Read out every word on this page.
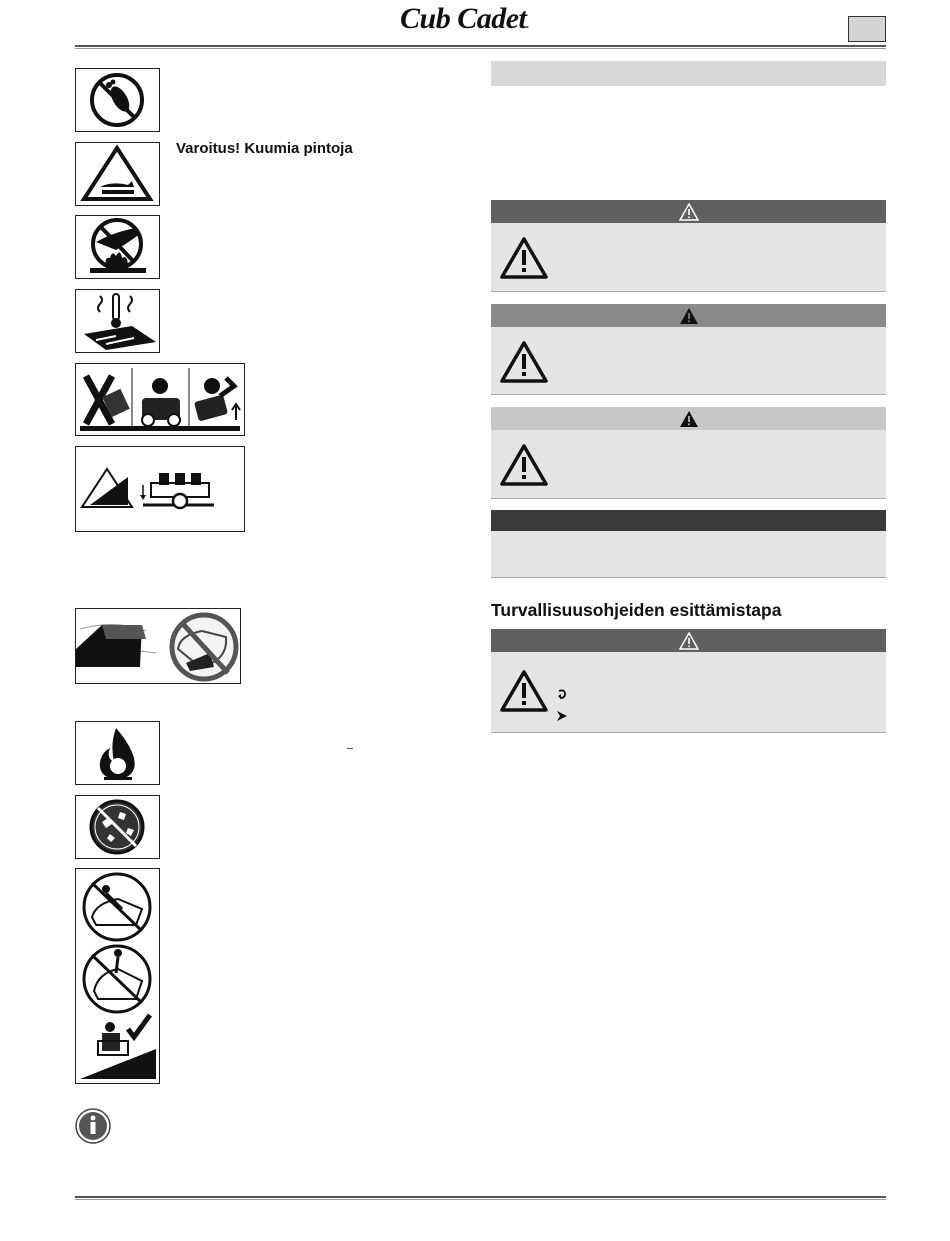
Cub Cadet.
Varoitus! Kuumia pintoja
Turvallisuusohjeiden esittämistapa
